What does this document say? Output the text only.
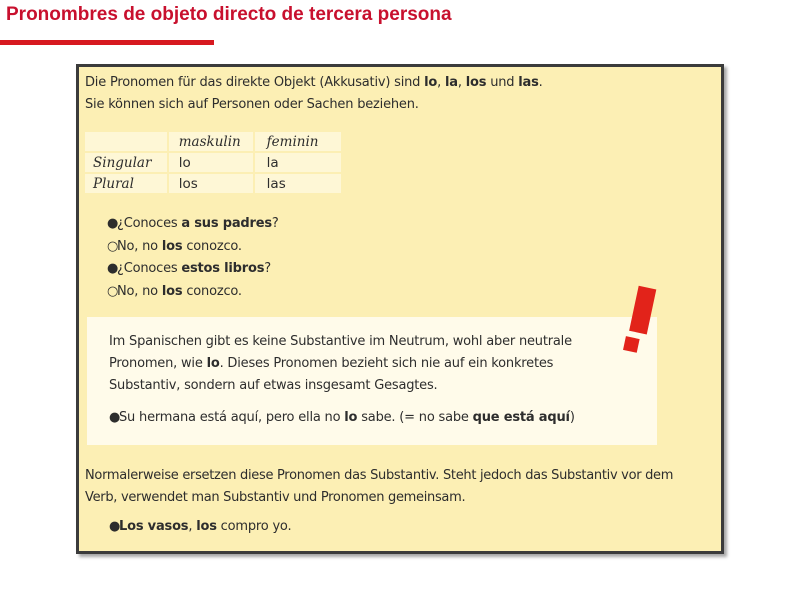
Pronombres de objeto directo de tercera persona
Die Pronomen für das direkte Objekt (Akkusativ) sind lo, la, los und las.
Sie können sich auf Personen oder Sachen beziehen.
	maskulin	feminin
Singular	lo	la
Plural	los	las
●¿Conoces a sus padres?
○No, no los conozco.
●¿Conoces estos libros?
○No, no los conozco.
Im Spanischen gibt es keine Substantive im Neutrum, wohl aber neutrale
Pronomen, wie lo. Dieses Pronomen bezieht sich nie auf ein konkretes
Substantiv, sondern auf etwas insgesamt Gesagtes.
●Su hermana está aquí, pero ella no lo sabe. (= no sabe que está aquí)
Normalerweise ersetzen diese Pronomen das Substantiv. Steht jedoch das Substantiv vor dem
Verb, verwendet man Substantiv und Pronomen gemeinsam.
●Los vasos, los compro yo.
